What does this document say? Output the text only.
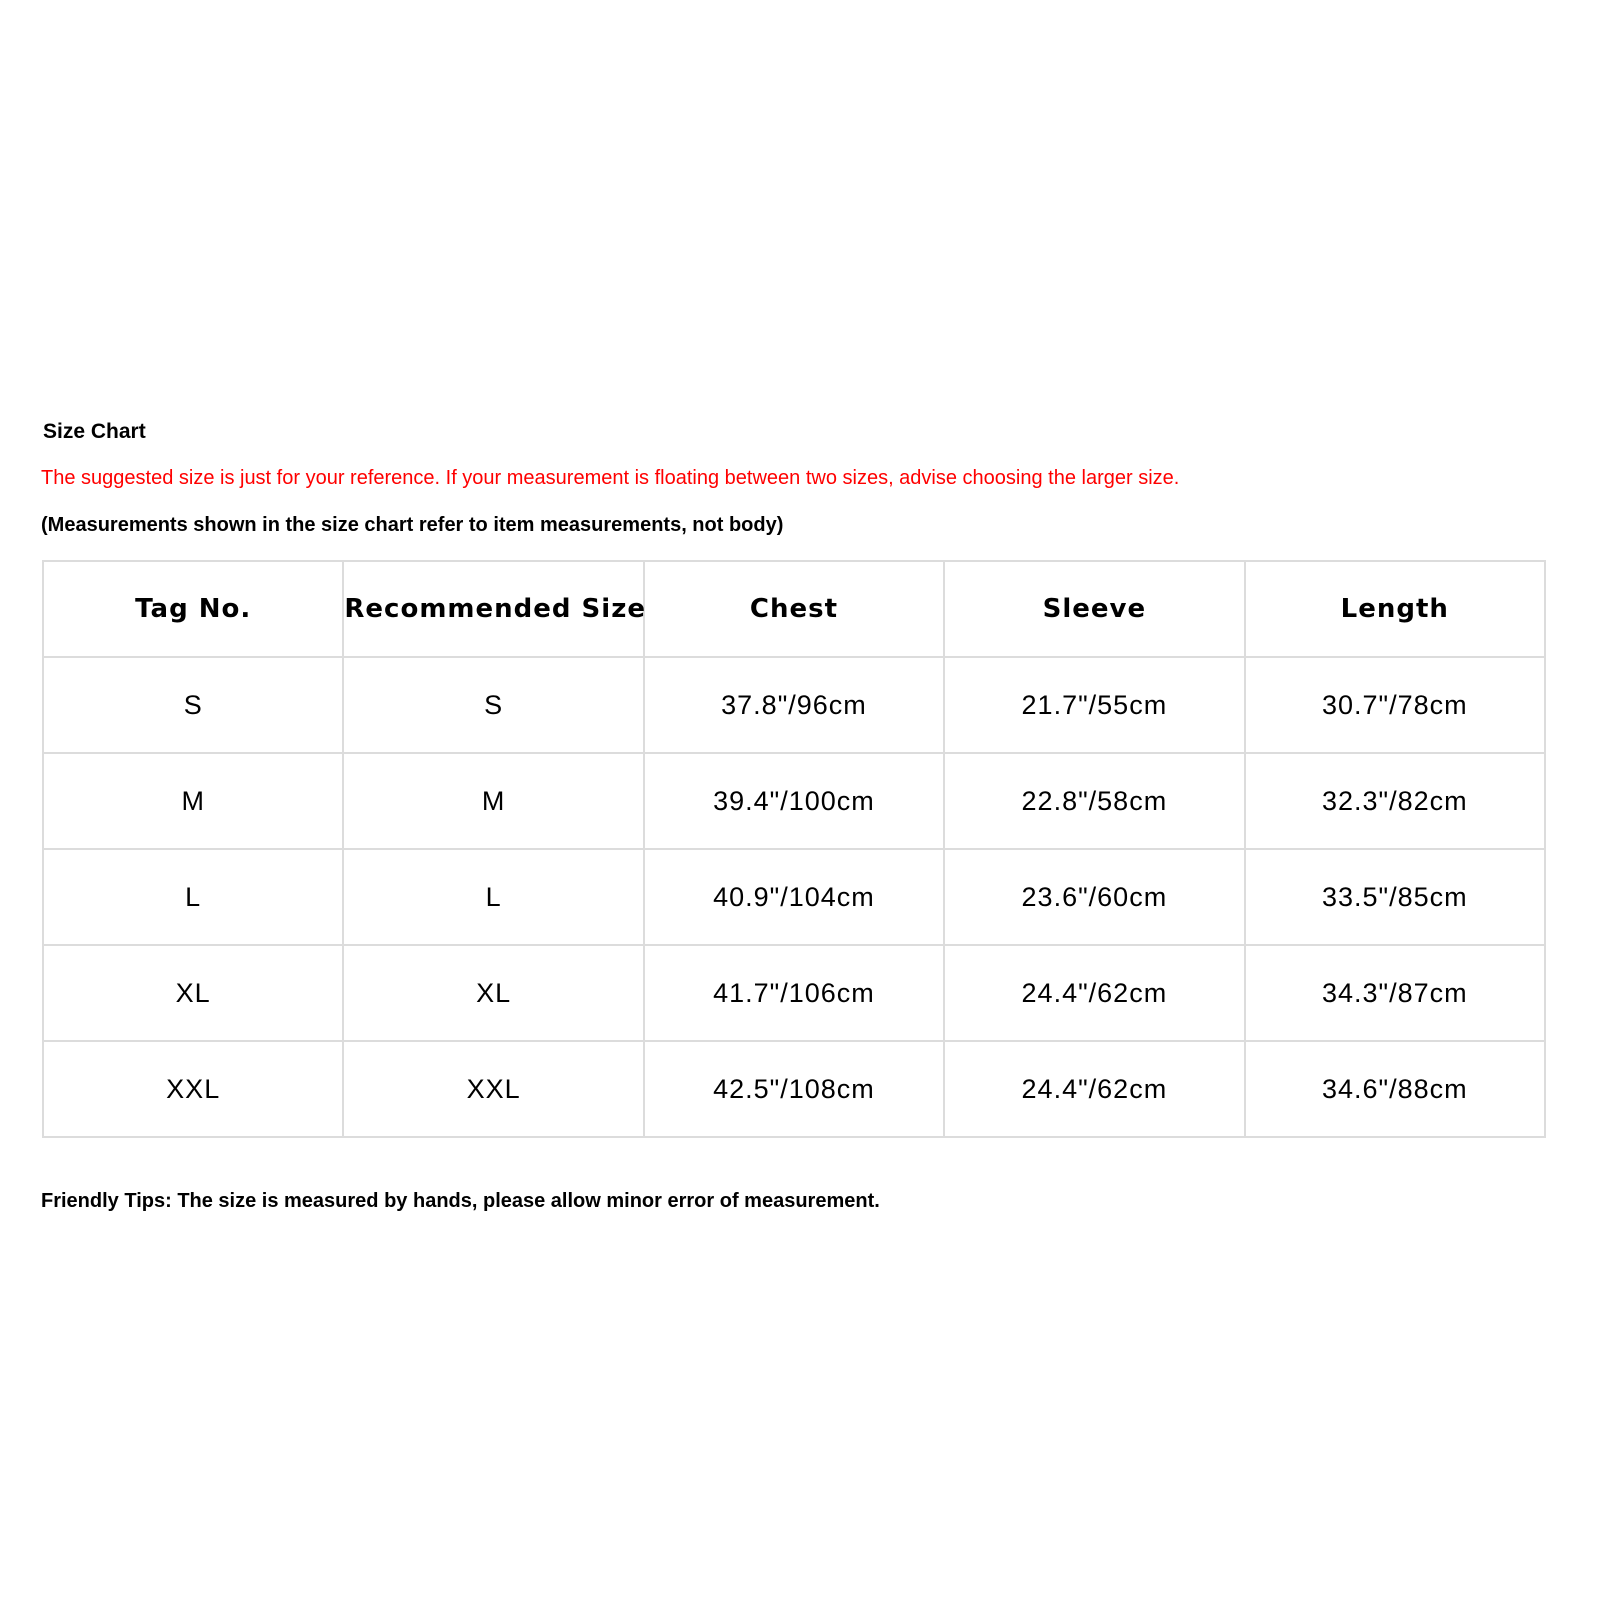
Size Chart
The suggested size is just for your reference. If your measurement is floating between two sizes, advise choosing the larger size.
(Measurements shown in the size chart refer to item measurements, not body)
Tag No.	Recommended Size	Chest	Sleeve	Length
S	S	37.8"/96cm	21.7"/55cm	30.7"/78cm
M	M	39.4"/100cm	22.8"/58cm	32.3"/82cm
L	L	40.9"/104cm	23.6"/60cm	33.5"/85cm
XL	XL	41.7"/106cm	24.4"/62cm	34.3"/87cm
XXL	XXL	42.5"/108cm	24.4"/62cm	34.6"/88cm
Friendly Tips: The size is measured by hands, please allow minor error of measurement.
